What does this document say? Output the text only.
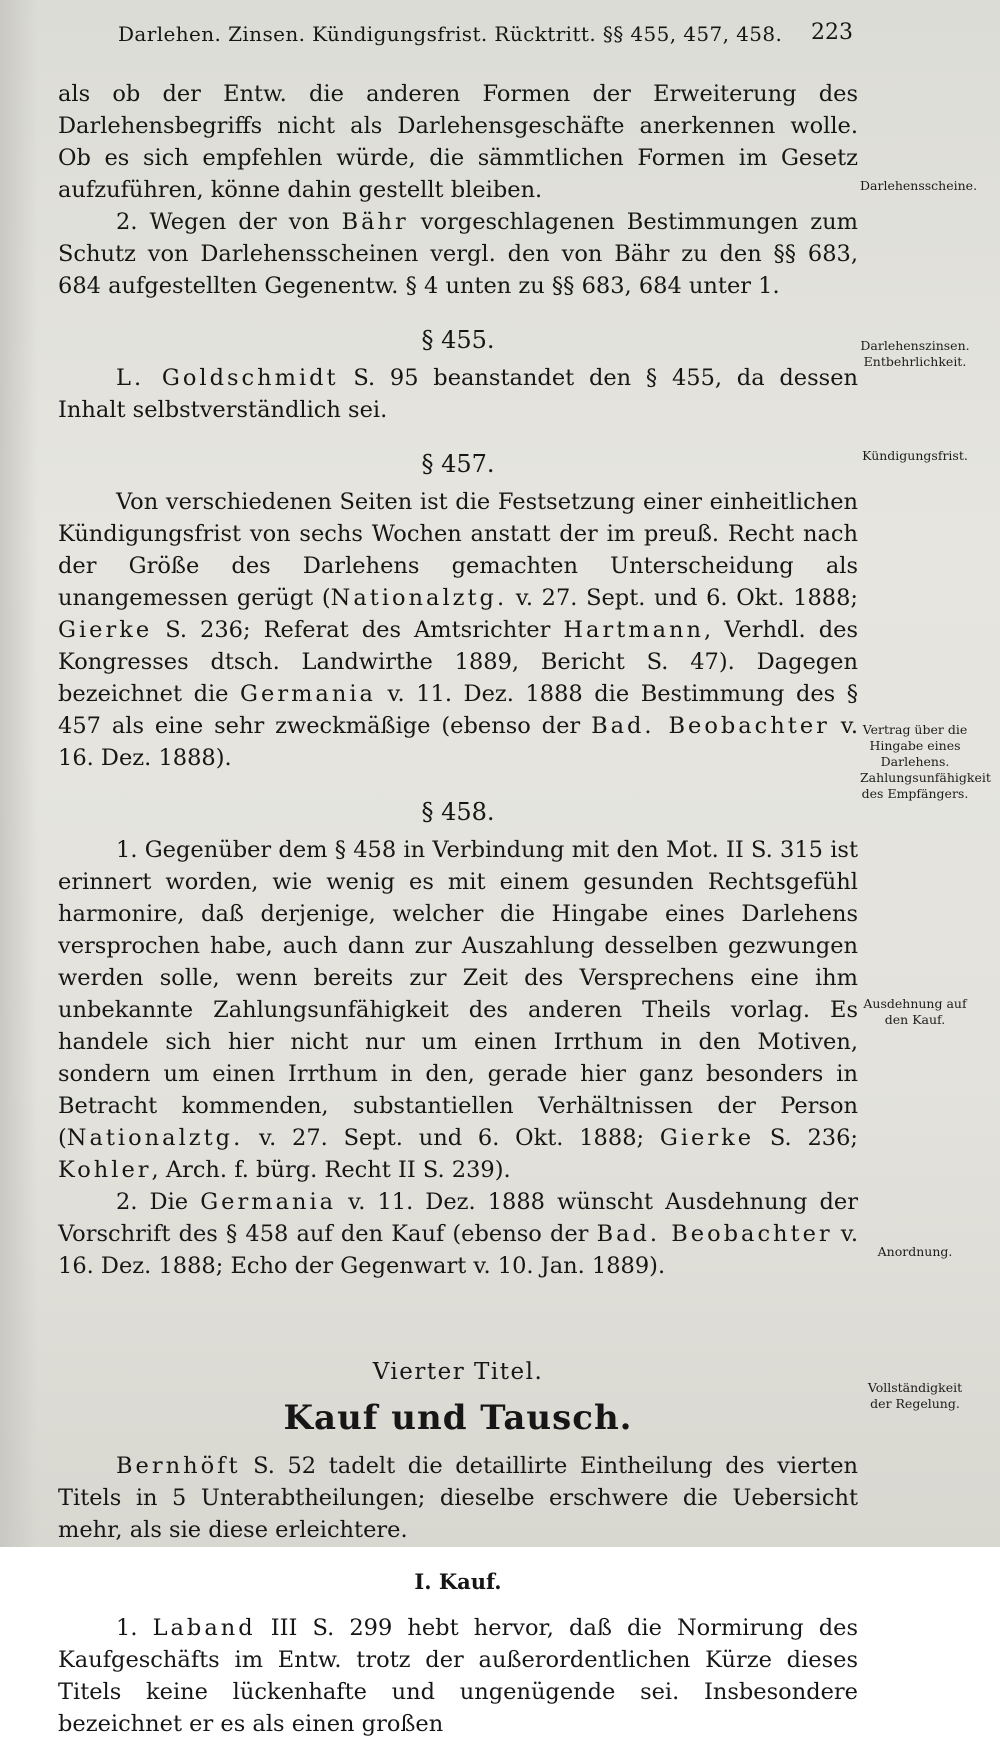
Darlehen. Zinsen. Kündigungsfrist. Rücktritt. §§ 455, 457, 458. 223

als ob der Entw. die anderen Formen der Erweiterung des Darlehensbegriffs nicht als Darlehensgeschäfte anerkennen wolle. Ob es sich empfehlen würde, die sämmtlichen Formen im Gesetz aufzuführen, könne dahin gestellt bleiben.

2. Wegen der von Bähr vorgeschlagenen Bestimmungen zum Schutz von Darlehensscheinen vergl. den von Bähr zu den §§ 683, 684 aufgestellten Gegenentw. § 4 unten zu §§ 683, 684 unter 1.

§ 455.

L. Goldschmidt S. 95 beanstandet den § 455, da dessen Inhalt selbstverständlich sei.

§ 457.

Von verschiedenen Seiten ist die Festsetzung einer einheitlichen Kündigungsfrist von sechs Wochen anstatt der im preuß. Recht nach der Größe des Darlehens gemachten Unterscheidung als unangemessen gerügt (Nationalztg. v. 27. Sept. und 6. Okt. 1888; Gierke S. 236; Referat des Amtsrichter Hartmann, Verhdl. des Kongresses dtsch. Landwirthe 1889, Bericht S. 47). Dagegen bezeichnet die Germania v. 11. Dez. 1888 die Bestimmung des § 457 als eine sehr zweckmäßige (ebenso der Bad. Beobachter v. 16. Dez. 1888).

§ 458.

1. Gegenüber dem § 458 in Verbindung mit den Mot. II S. 315 ist erinnert worden, wie wenig es mit einem gesunden Rechtsgefühl harmonire, daß derjenige, welcher die Hingabe eines Darlehens versprochen habe, auch dann zur Auszahlung desselben gezwungen werden solle, wenn bereits zur Zeit des Versprechens eine ihm unbekannte Zahlungsunfähigkeit des anderen Theils vorlag. Es handele sich hier nicht nur um einen Irrthum in den Motiven, sondern um einen Irrthum in den, gerade hier ganz besonders in Betracht kommenden, substantiellen Verhältnissen der Person (Nationalztg. v. 27. Sept. und 6. Okt. 1888; Gierke S. 236; Kohler, Arch. f. bürg. Recht II S. 239).

2. Die Germania v. 11. Dez. 1888 wünscht Ausdehnung der Vorschrift des § 458 auf den Kauf (ebenso der Bad. Beobachter v. 16. Dez. 1888; Echo der Gegenwart v. 10. Jan. 1889).

Vierter Titel.
Kauf und Tausch.

Bernhöft S. 52 tadelt die detaillirte Eintheilung des vierten Titels in 5 Unterabtheilungen; dieselbe erschwere die Uebersicht mehr, als sie diese erleichtere.

I. Kauf.

1. Laband III S. 299 hebt hervor, daß die Normirung des Kaufgeschäfts im Entw. trotz der außerordentlichen Kürze dieses Titels keine lückenhafte und ungenügende sei. Insbesondere bezeichnet er es als einen großen

Darlehensscheine.
Darlehenszinsen. Entbehrlichkeit.
Kündigungsfrist.
Vertrag über die Hingabe eines Darlehens. Zahlungsunfähigkeit des Empfängers.
Ausdehnung auf den Kauf.
Anordnung.
Vollständigkeit der Regelung.
